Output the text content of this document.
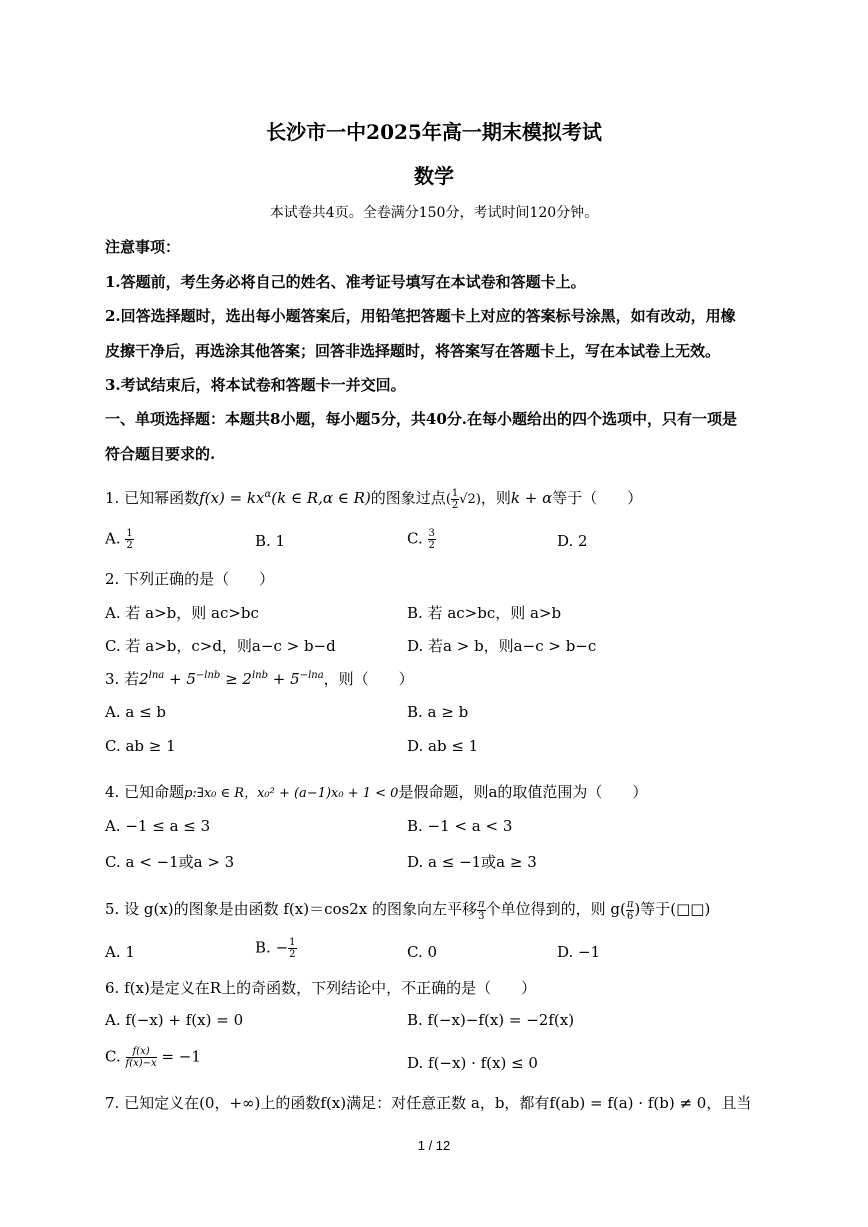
长沙市一中2025年高一期末模拟考试
数学
本试卷共4页。全卷满分150分，考试时间120分钟。
注意事项：
1.答题前，考生务必将自己的姓名、准考证号填写在本试卷和答题卡上。
2.回答选择题时，选出每小题答案后，用铅笔把答题卡上对应的答案标号涂黑，如有改动，用橡
皮擦干净后，再选涂其他答案；回答非选择题时，将答案写在答题卡上，写在本试卷上无效。
3.考试结束后，将本试卷和答题卡一并交回。
一、单项选择题：本题共8小题，每小题5分，共40分.在每小题给出的四个选项中，只有一项是
符合题目要求的.
1. 已知幂函数$f(x) = kx^\alpha(k$ ∈ R,α ∈ R)的图象过点( $\frac{1}{2} √2$)，则k + α等于（　　）
A. $\frac{1}{2}$	B. 1	C. $\frac{3}{2}$	D. 2
2. 下列正确的是（　　）
A. 若 a>b，则 ac>bc	B. 若 ac>bc，则 a>b
C. 若 a>b，c>d，则a−c > b−d	D. 若a > b，则a−c > b−c
3. 若$2^{lna} + 5^{-lnb} \ge 2^{lnb} + 5^{-lna}$，则（　　）
A. a ≤ b	B. a ≥ b
C. ab ≥ 1	D. ab ≤ 1
4. 已知命题p:∃x₀ ∈ R，x₀² + (a−1)x₀ + 1 < 0是假命题，则a的取值范围为（　　）
A. −1 ≤ a ≤ 3	B. −1 < a < 3
C. a < −1或a > 3	D. a ≤ −1或a ≥ 3
5. 设 g(x)的图象是由函数 f(x)＝cos2x 的图象向左平移 $\frac{\pi}{3}$ 个单位得到的，则 $g( \frac{\pi}{6}$ )等于(□□)
A. 1	B. − $\frac{1}{2}$	C. 0	D. −1
6. f(x)是定义在R上的奇函数，下列结论中，不正确的是（　　）
A. f(−x) + f(x) = 0	B. f(−x)−f(x) = −2f(x)
C. $\frac{f(x)}{f(x)-x} = -1$	D. f(−x) · f(x) ≤ 0
7. 已知定义在(0，+∞)上的函数f(x)满足：对任意正数 a，b，都有f(ab) = f(a) · f(b) ≠ 0，且当
1 / 12
